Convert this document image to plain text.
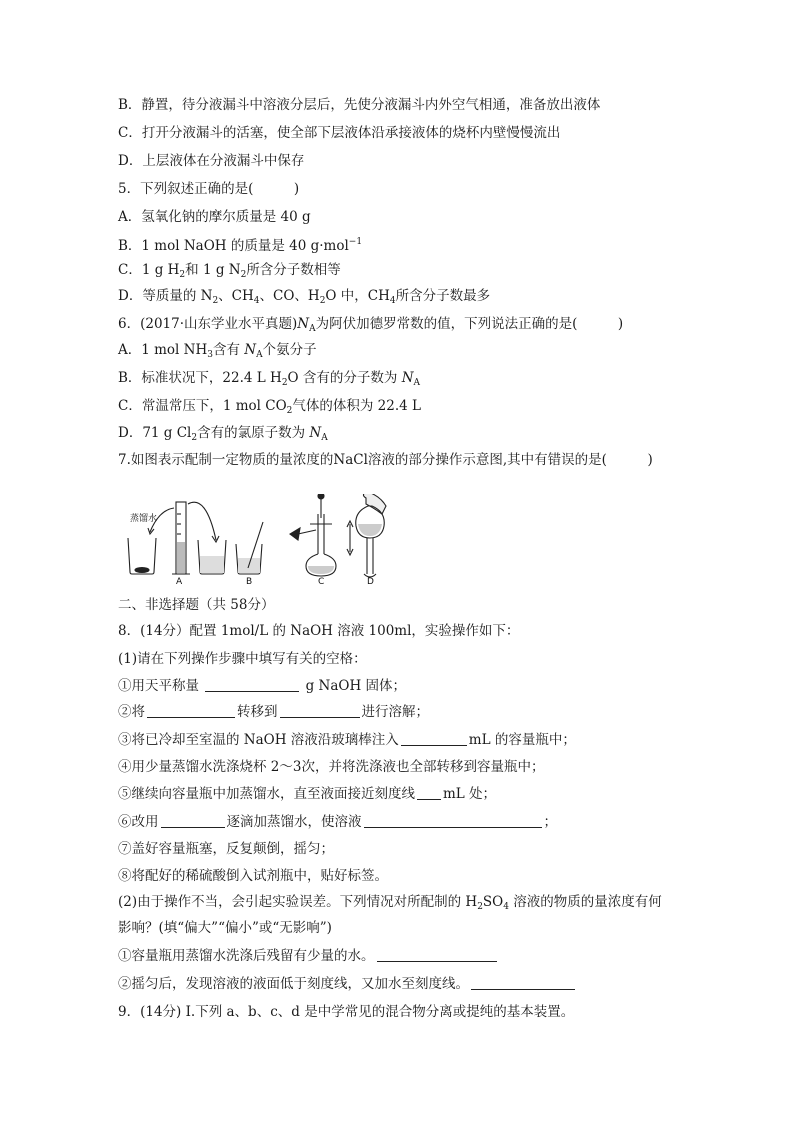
B．静置，待分液漏斗中溶液分层后，先使分液漏斗内外空气相通，准备放出液体
C．打开分液漏斗的活塞，使全部下层液体沿承接液体的烧杯内壁慢慢流出
D．上层液体在分液漏斗中保存
5．下列叙述正确的是(　　　)
A．氢氧化钠的摩尔质量是 40 g
B．1 mol NaOH 的质量是 40 g·mol$^{-1}$
C．1 g $H_2$和 1 g $N_2$所含分子数相等
D．等质量的 $N_2$、$CH_4$、CO、$H_2O$ 中，$CH_4$所含分子数最多
6．(2017·山东学业水平真题)$N_A$为阿伏加德罗常数的值，下列说法正确的是(　　　)
A．1 mol $NH_3$含有 $N_A$个氨分子
B．标准状况下，22.4 L $H_2O$ 含有的分子数为 $N_A$
C．常温常压下，1 mol $CO_2$气体的体积为 22.4 L
D．71 g $Cl_2$含有的氯原子数为 $N_A$
7.如图表示配制一定物质的量浓度的NaCl溶液的部分操作示意图,其中有错误的是(　　　)
蒸馏水
A	B	C	D
二、非选择题（共 58分）
8．(14分）配置 1mol/L 的 NaOH 溶液 100ml，实验操作如下：
(1)请在下列操作步骤中填写有关的空格：
①用天平称量	g NaOH 固体；
②将	转移到	进行溶解；
③将已冷却至室温的 NaOH 溶液沿玻璃棒注入	mL 的容量瓶中；
④用少量蒸馏水洗涤烧杯 2～3次，并将洗涤液也全部转移到容量瓶中；
⑤继续向容量瓶中加蒸馏水，直至液面接近刻度线 mL 处；
⑥改用	逐滴加蒸馏水，使溶液	；
⑦盖好容量瓶塞，反复颠倒，摇匀；
⑧将配好的稀硫酸倒入试剂瓶中，贴好标签。
(2)由于操作不当，会引起实验误差。下列情况对所配制的 $H_2SO_4$ 溶液的物质的量浓度有何
影响？(填“偏大”“偏小”或“无影响”)
①容量瓶用蒸馏水洗涤后残留有少量的水。
②摇匀后，发现溶液的液面低于刻度线，又加水至刻度线。
9．(14分) Ⅰ.下列 a、b、c、d 是中学常见的混合物分离或提纯的基本装置。
